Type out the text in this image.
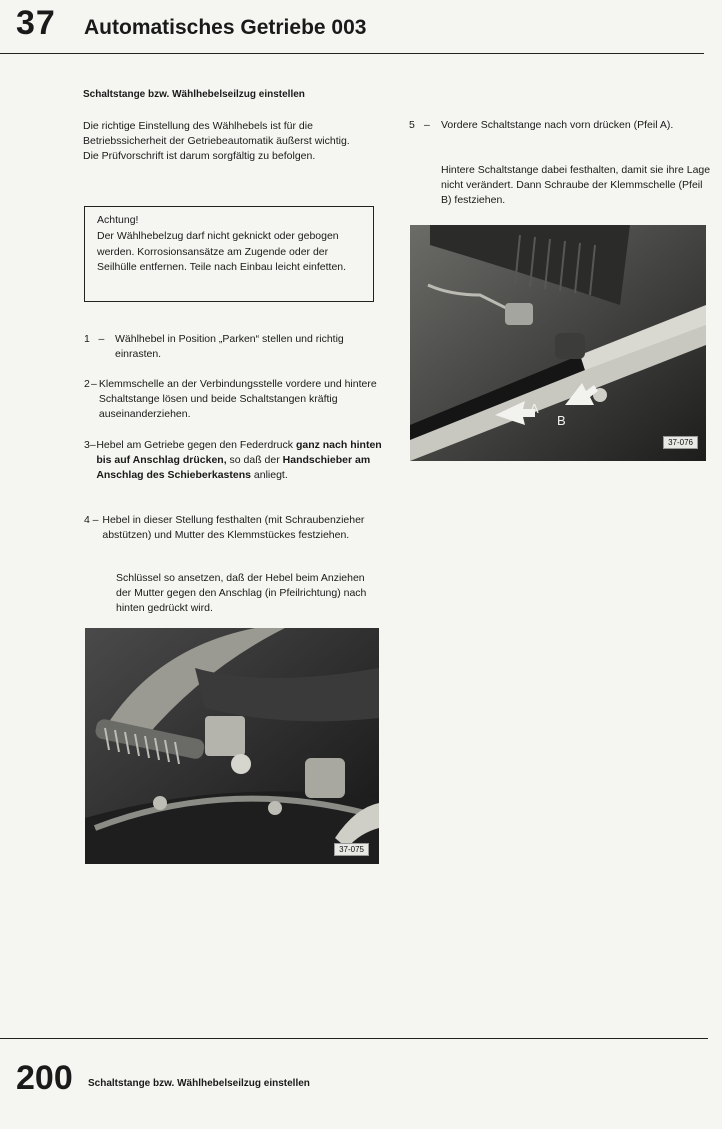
37 Automatisches Getriebe 003
Schaltstange bzw. Wählhebelseilzug einstellen
Die richtige Einstellung des Wählhebels ist für die Betriebssicherheit der Getriebeautomatik äußerst wichtig. Die Prüfvorschrift ist darum sorgfältig zu befolgen.
Achtung!
Der Wählhebelzug darf nicht geknickt oder gebogen werden. Korrosionsansätze am Zugende oder der Seilhülle entfernen. Teile nach Einbau leicht einfetten.
1 –	Wählhebel in Position „Parken“ stellen und richtig einrasten.
2 – Klemmschelle an der Verbindungsstelle vordere und hintere Schaltstange lösen und beide Schaltstangen kräftig auseinanderziehen.
3 – Hebel am Getriebe gegen den Federdruck ganz nach hinten bis auf Anschlag drücken, so daß der Handschieber am Anschlag des Schieberkastens anliegt.
4 – Hebel in dieser Stellung festhalten (mit Schraubenzieher abstützen) und Mutter des Klemmstückes festziehen.
Schlüssel so ansetzen, daß der Hebel beim Anziehen der Mutter gegen den Anschlag (in Pfeilrichtung) nach hinten gedrückt wird.
37-075
5 –	Vordere Schaltstange nach vorn drücken (Pfeil A).
Hintere Schaltstange dabei festhalten, damit sie ihre Lage nicht verändert. Dann Schraube der Klemmschelle (Pfeil B) festziehen.
A
B
37-076
200 Schaltstange bzw. Wählhebelseilzug einstellen
